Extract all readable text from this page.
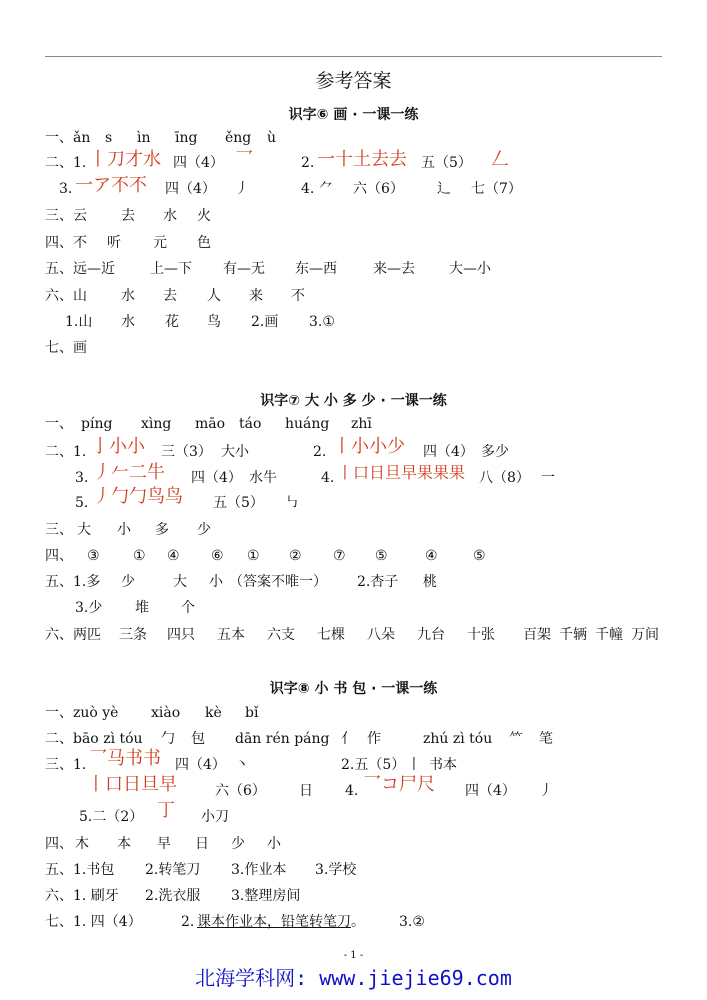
参考答案
识字⑥ 画 · 一课一练
一、 ǎn s ìn īng ěng ù
二、 1. 丨刀才水 四（4） 乛	2. 一十土去去 五（5） 𠃋
3. 一ア不不 四（4） 丿	4. ⺈ 六（6） 辶 七（7）
三、 云 去 水 火
四、 不 听 元 色
五、 远—近	上—下 有—无 东—西	来—去 大—小
六、 山 水 去 人 来 不
1.山 水 花 鸟 2.画 3.①
七、 画
识字⑦ 大 小 多 少 · 一课一练
一、 píng xìng māo táo huáng zhī
二、 1. 亅小小 三（3） 大小	2. 丨小小少 四（4） 多少
3. 丿𠂉二牛 四（4） 水牛	4. 丨口日旦早果果果 八（8） 一
5. 丿勹勹鸟鸟 五（5） ㇉
三、 大 小 多 少
四、 ③ ① ④ ⑥ ① ② ⑦ ⑤	④	⑤
五、 1.多 少	大 小 （答案不唯一） 2.杏子 桃
3.少 堆 个
六、 两匹 三条 四只 五本 六支 七棵 八朵 九台 十张 百架 千辆 千幢 万间
识字⑧ 小 书 包 · 一课一练
一、 zuò yè xiào kè bǐ
二、 bāo zì tóu 勹 包 dān rén páng 亻 作	zhú zì tóu ⺮ 笔
三、 1. 乛马书书 四（4） 丶	2.五（5） 丨 书本
丨口日旦早	六（6） 日 4. 乛コ尸尺 四（4） 丿
5.二（2） 丁 小刀
四、 木 本 早 日 少 小
五、 1.书包 2.转笔刀 3.作业本 3.学校
六、 1. 刷牙 2.洗衣服 3.整理房间
七、 1. 四（4）	2. 课本作业本，铅笔转笔刀 。 3.②
- 1 -
北海学科网: www.jiejie69.com
